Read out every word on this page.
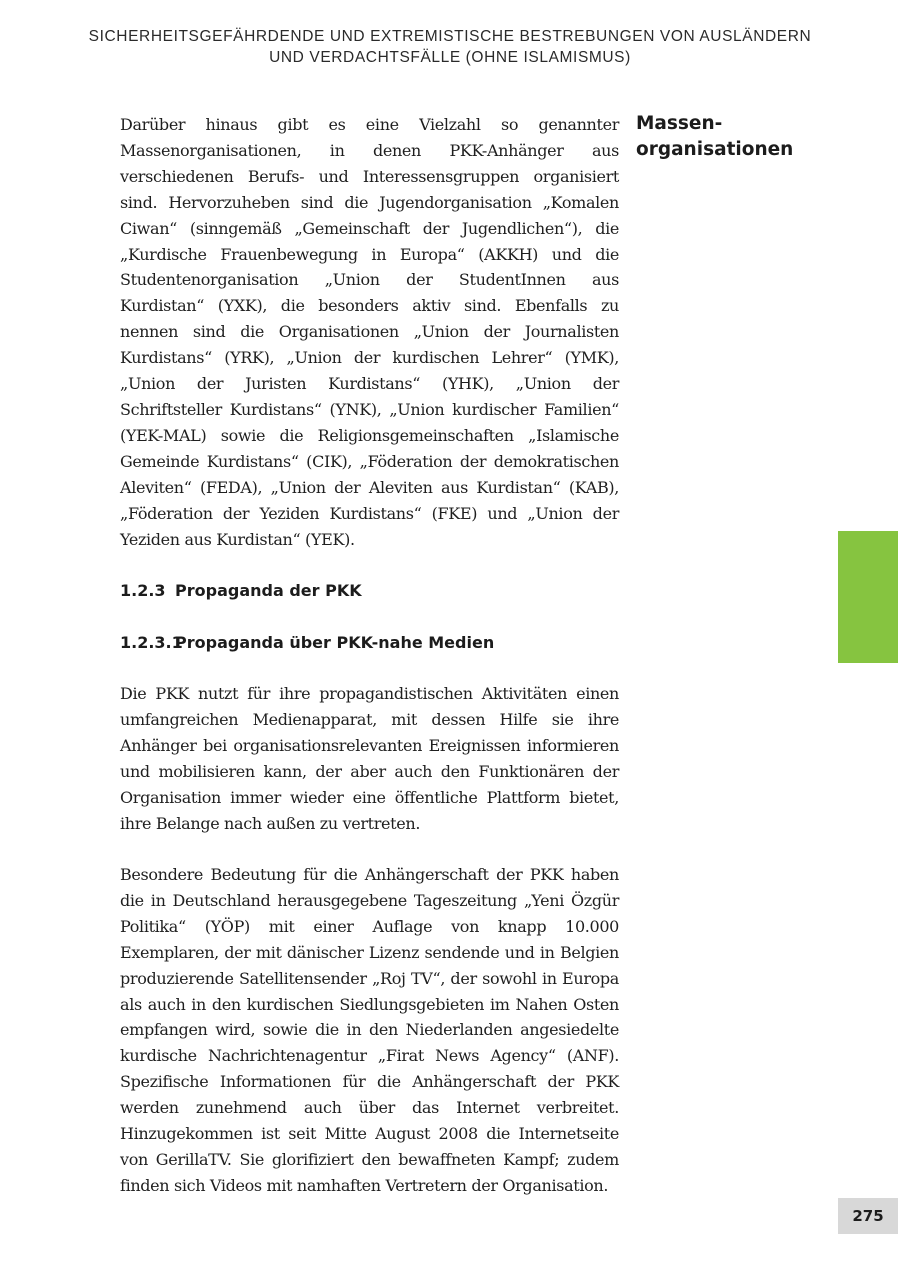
SICHERHEITSGEFÄHRDENDE UND EXTREMISTISCHE BESTREBUNGEN VON AUSLÄNDERN
UND VERDACHTSFÄLLE (OHNE ISLAMISMUS)
Massen-
organisationen

Darüber hinaus gibt es eine Vielzahl so genannter Massenorganisationen, in denen PKK-Anhänger aus verschiedenen Berufs- und Interessensgruppen organisiert sind. Hervorzuheben sind die Jugendorganisation „Komalen Ciwan“ (sinngemäß „Gemeinschaft der Jugendlichen“), die „Kurdische Frauenbewegung in Europa“ (AKKH) und die Studentenorganisation „Union der StudentInnen aus Kurdistan“ (YXK), die besonders aktiv sind. Ebenfalls zu nennen sind die Organisationen „Union der Journalisten Kurdistans“ (YRK), „Union der kurdischen Lehrer“ (YMK), „Union der Juristen Kurdistans“ (YHK), „Union der Schriftsteller Kurdistans“ (YNK), „Union kurdischer Familien“ (YEK-MAL) sowie die Religionsgemeinschaften „Islamische Gemeinde Kurdistans“ (CIK), „Föderation der demokratischen Aleviten“ (FEDA), „Union der Aleviten aus Kurdistan“ (KAB), „Föderation der Yeziden Kurdistans“ (FKE) und „Union der Yeziden aus Kurdistan“ (YEK).

1.2.3 Propaganda der PKK
1.2.3.1Propaganda über PKK-nahe Medien

Die PKK nutzt für ihre propagandistischen Aktivitäten einen umfangreichen Medienapparat, mit dessen Hilfe sie ihre Anhänger bei organisationsrelevanten Ereignissen informieren und mobilisieren kann, der aber auch den Funktionären der Organisation immer wieder eine öffentliche Plattform bietet, ihre Belange nach außen zu vertreten.

Besondere Bedeutung für die Anhängerschaft der PKK haben die in Deutschland herausgegebene Tageszeitung „Yeni Özgür Politika“ (YÖP) mit einer Auflage von knapp 10.000 Exemplaren, der mit dänischer Lizenz sendende und in Belgien produzierende Satellitensender „Roj TV“, der sowohl in Europa als auch in den kurdischen Siedlungsgebieten im Nahen Osten empfangen wird, sowie die in den Niederlanden angesiedelte kurdische Nachrichtenagentur „Firat News Agency“ (ANF). Spezifische Informationen für die Anhängerschaft der PKK werden zunehmend auch über das Internet verbreitet. Hinzugekommen ist seit Mitte August 2008 die Internetseite von GerillaTV. Sie glorifiziert den bewaffneten Kampf; zudem finden sich Videos mit namhaften Vertretern der Organisation.

275
